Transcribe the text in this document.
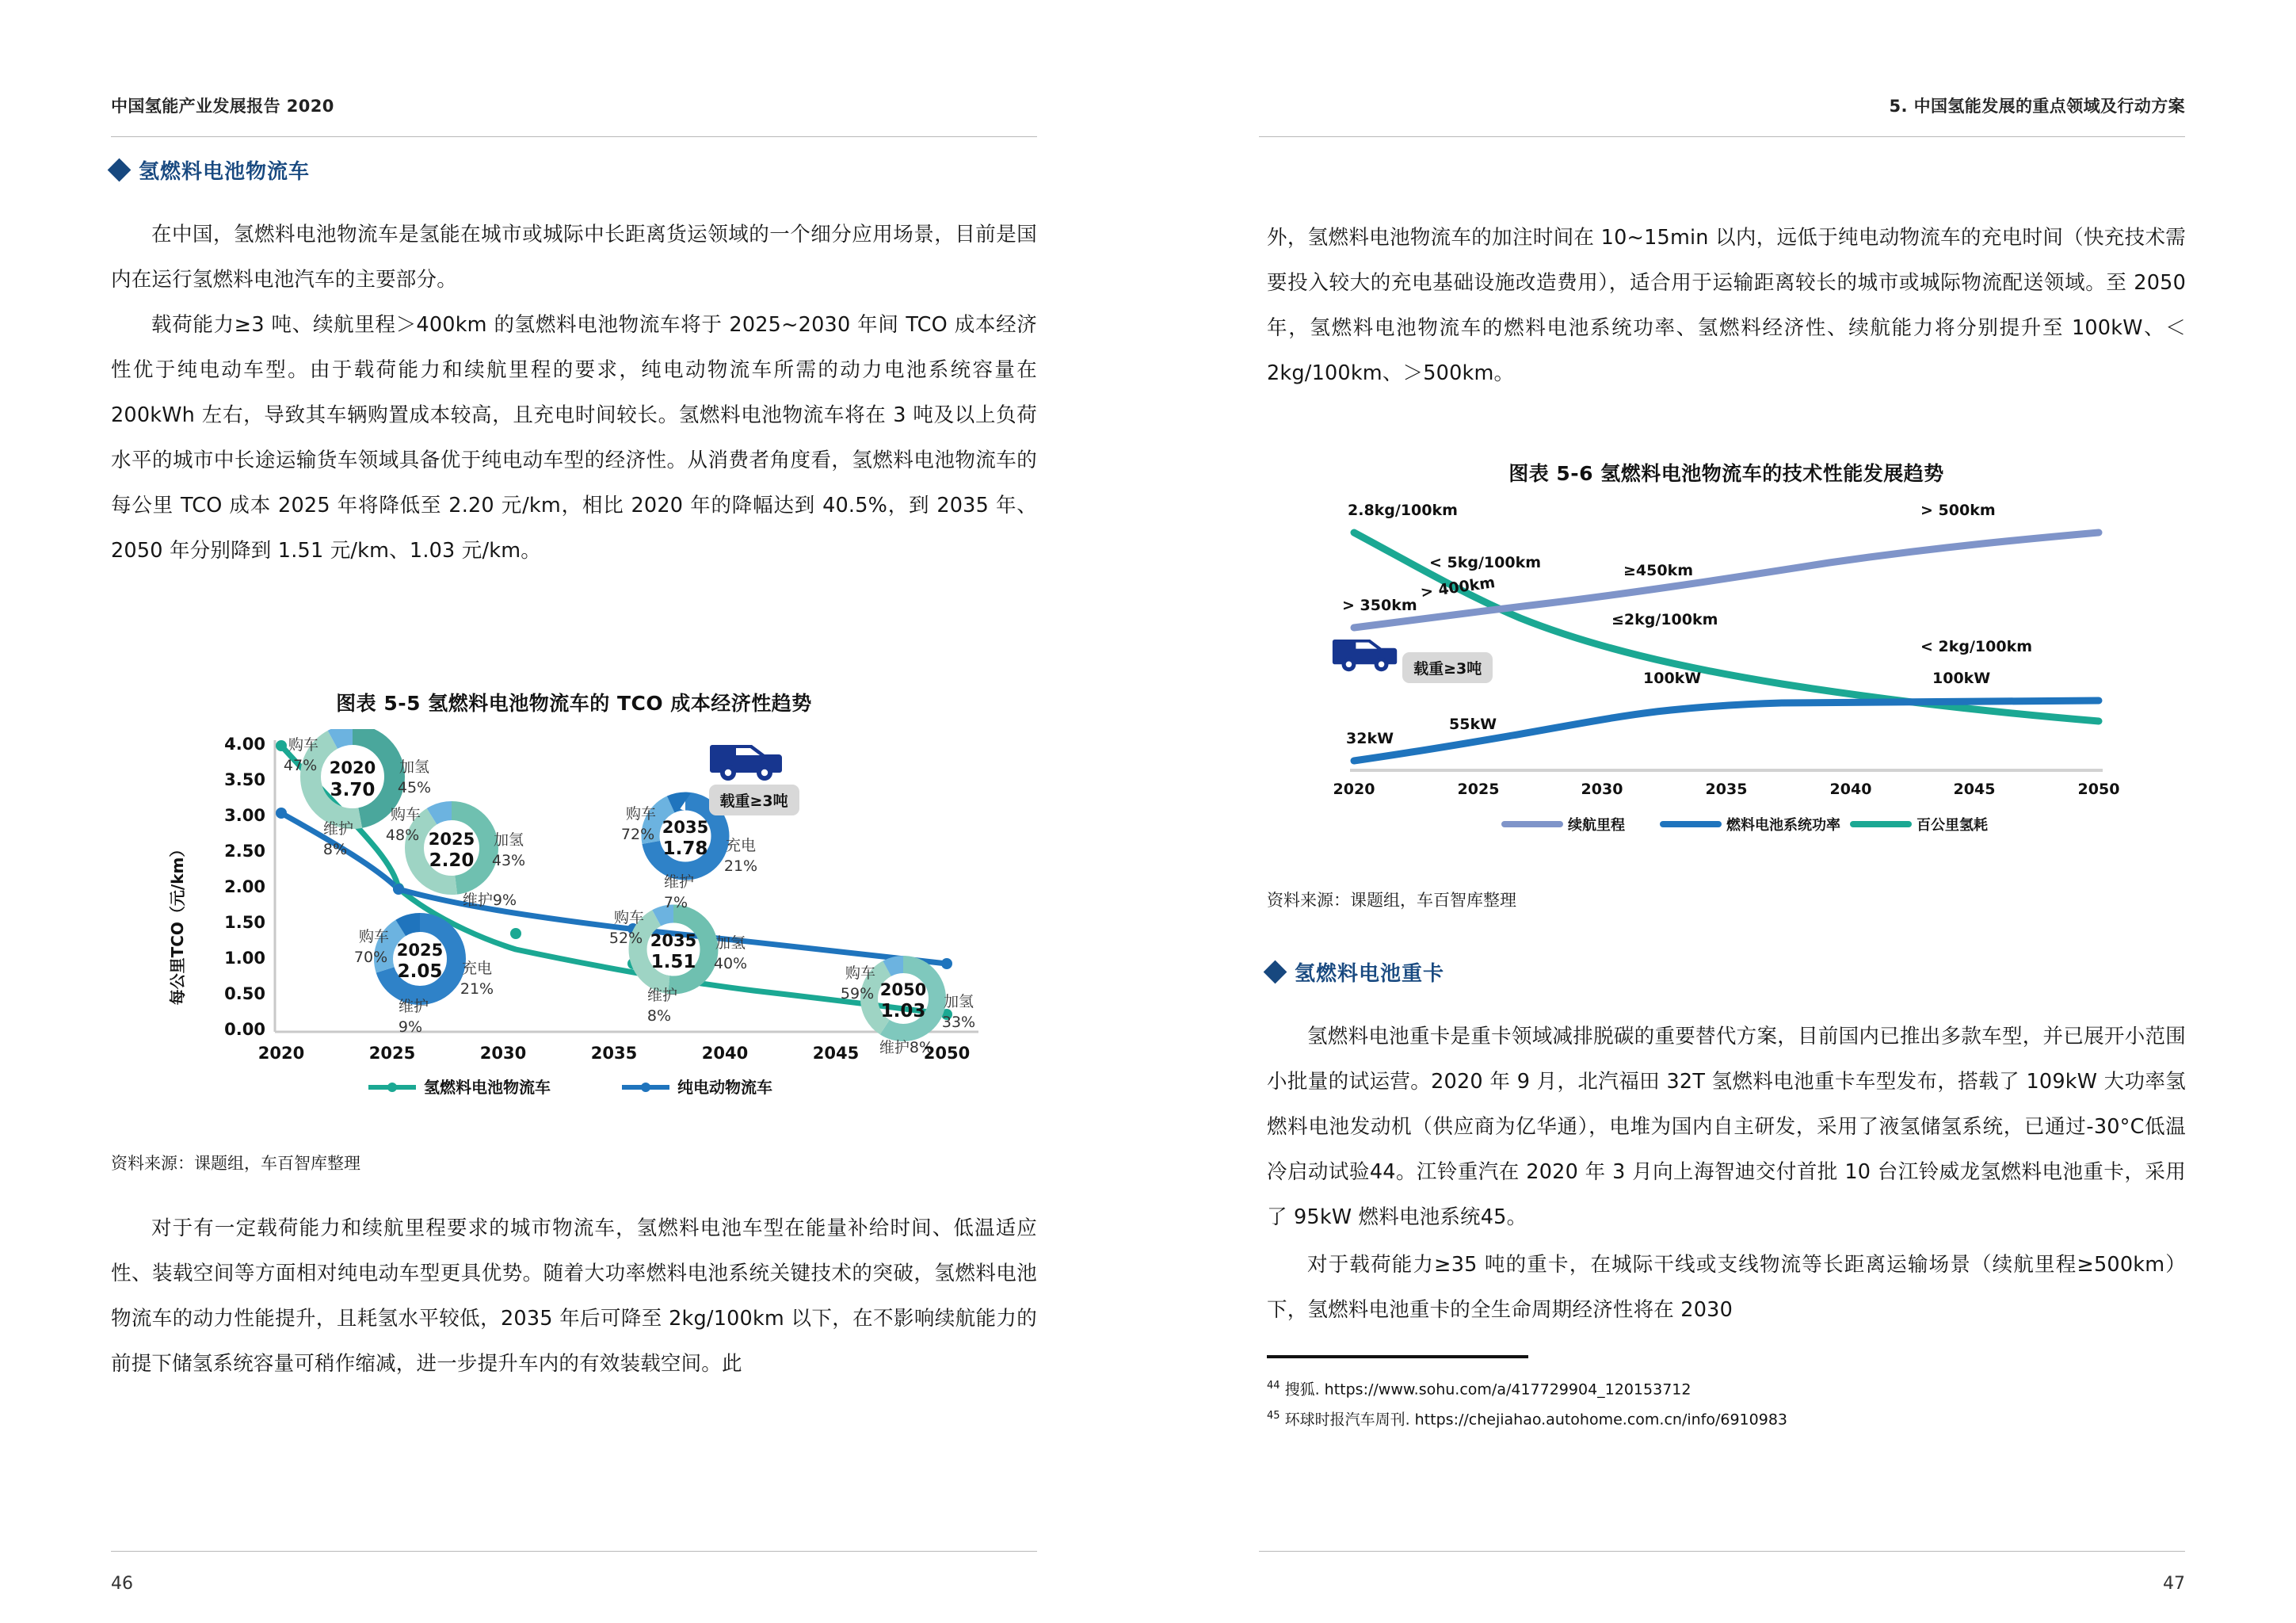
中国氢能产业发展报告 2020
氢燃料电池物流车

在中国，氢燃料电池物流车是氢能在城市或城际中长距离货运领域的一个细分应用场景，目前是国内在运行氢燃料电池汽车的主要部分。

载荷能力≥3 吨、续航里程＞400km 的氢燃料电池物流车将于 2025~2030 年间 TCO 成本经济性优于纯电动车型。由于载荷能力和续航里程的要求，纯电动物流车所需的动力电池系统容量在 200kWh 左右，导致其车辆购置成本较高，且充电时间较长。氢燃料电池物流车将在 3 吨及以上负荷水平的城市中长途运输货车领域具备优于纯电动车型的经济性。从消费者角度看，氢燃料电池物流车的每公里 TCO 成本 2025 年将降低至 2.20 元/km，相比 2020 年的降幅达到 40.5%，到 2035 年、2050 年分别降到 1.51 元/km、1.03 元/km。

图表 5-5 氢燃料电池物流车的 TCO 成本经济性趋势
载重≥3吨
每公里TCO（元/km）
4.00
3.50
3.00
2.50
2.00
1.50
1.00
0.50
0.00
2020
3.70
购车
47%	加氢
45%
维护
8%
2025
2.20
购车
48%	加氢
43%
维护9%
2035
1.51
购车
52%	加氢
40%
维护
8%
2050
1.03
购车
59%	加氢
33%
维护8%
2025
2.05
购车
70%
充电
21%
维护
9%
2035
1.78
购车
72%
充电
21%
维护
7%
2020	2025	2030	2035	2040	2045	2050
氢燃料电池物流车	纯电动物流车
资料来源：课题组，车百智库整理

对于有一定载荷能力和续航里程要求的城市物流车，氢燃料电池车型在能量补给时间、低温适应性、装载空间等方面相对纯电动车型更具优势。随着大功率燃料电池系统关键技术的突破，氢燃料电池物流车的动力性能提升，且耗氢水平较低，2035 年后可降至 2kg/100km 以下，在不影响续航能力的前提下储氢系统容量可稍作缩减，进一步提升车内的有效装载空间。此

46
5. 中国氢能发展的重点领域及行动方案

外，氢燃料电池物流车的加注时间在 10~15min 以内，远低于纯电动物流车的充电时间（快充技术需要投入较大的充电基础设施改造费用），适合用于运输距离较长的城市或城际物流配送领域。至 2050 年，氢燃料电池物流车的燃料电池系统功率、氢燃料经济性、续航能力将分别提升至 100kW、＜2kg/100km、＞500km。

图表 5-6 氢燃料电池物流车的技术性能发展趋势
载重≥3吨
2.8kg/100km
< 5kg/100km
> 350km
> 400km
≥450km
≤2kg/100km
> 500km
< 2kg/100km
32kW
55kW
100kW	100kW
2020	2025	2030	2035	2040	2045	2050

续航里程	燃料电池系统功率	百公里氢耗
资料来源：课题组，车百智库整理
氢燃料电池重卡

氢燃料电池重卡是重卡领域减排脱碳的重要替代方案，目前国内已推出多款车型，并已展开小范围小批量的试运营。2020 年 9 月，北汽福田 32T 氢燃料电池重卡车型发布，搭载了 109kW 大功率氢燃料电池发动机（供应商为亿华通），电堆为国内自主研发，采用了液氢储氢系统，已通过-30°C低温冷启动试验44。江铃重汽在 2020 年 3 月向上海智迪交付首批 10 台江铃威龙氢燃料电池重卡，采用了 95kW 燃料电池系统45。

对于载荷能力≥35 吨的重卡，在城际干线或支线物流等长距离运输场景（续航里程≥500km）下，氢燃料电池重卡的全生命周期经济性将在 2030

$^{44}$ 搜狐. https://www.sohu.com/a/417729904_120153712
$^{45}$ 环球时报汽车周刊. https://chejiahao.autohome.com.cn/info/6910983
47
